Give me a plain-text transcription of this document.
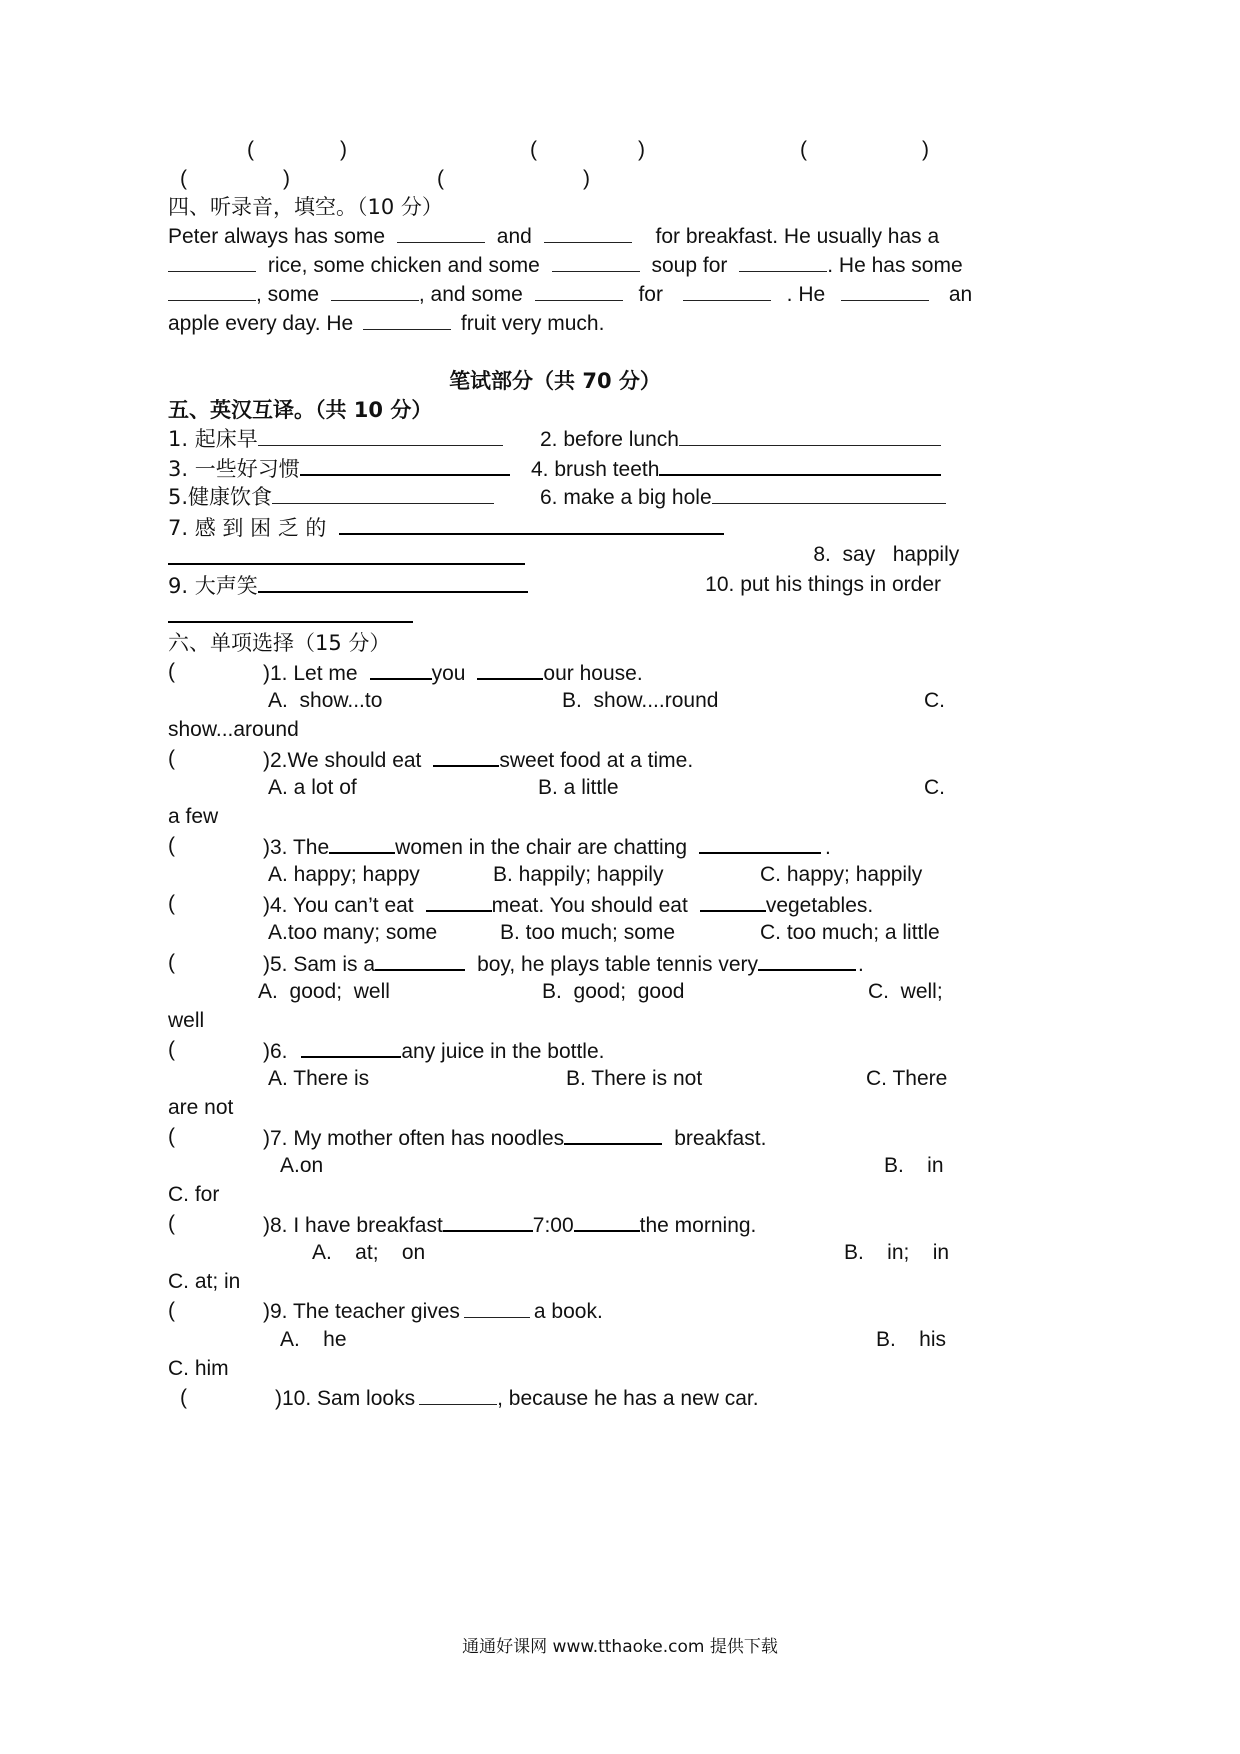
(	)	(	)	(	)
(	)	(	)
四、听录音，填空。（10 分）
Peter always has some	and	for breakfast. He usually has a
rice, some chicken and some	soup for	. He has some
, some	, and some	for	. He	an
apple every day. He	fruit very much.
笔试部分（共 70 分）
五、英汉互译。（共 10 分）
1. 起床早	2. before lunch
3. 一些好习惯	4. brush teeth
5.健康饮食	6. make a big hole
7. 感 到 困 乏 的

8. say   happily

9. 大声笑	10. put his things in order
六、单项选择（15 分）
(	)1. Let me	you	our house.
A.  show...to	B.  show....round	C.
show...around
(	)2.We should eat	sweet food at a time.
A. a lot of	B. a little	C.
a few
(	)3. The	women in the chair are chatting	.
A. happy; happy	B. happily; happily	C. happy; happily
(	)4. You can’t eat	meat. You should eat	vegetables.
A.too many; some	B. too much; some	C. too much; a little
(	)5. Sam is a	boy, he plays table tennis very	.
A.  good;  well	B.  good;  good	C.  well;
well
(	)6.	any juice in the bottle.
A. There is	B. There is not	C. There
are not
(	)7. My mother often has noodles	breakfast.
A.on	B.    in
C. for
(	)8. I have breakfast	7:00	the morning.
A.    at;    on	B.    in;    in
C. at; in
(	)9. The teacher gives	a book.
A.    he	B.    his
C. him
(	)10. Sam looks	, because he has a new car.
通通好课网 www.tthaoke.com 提供下载
